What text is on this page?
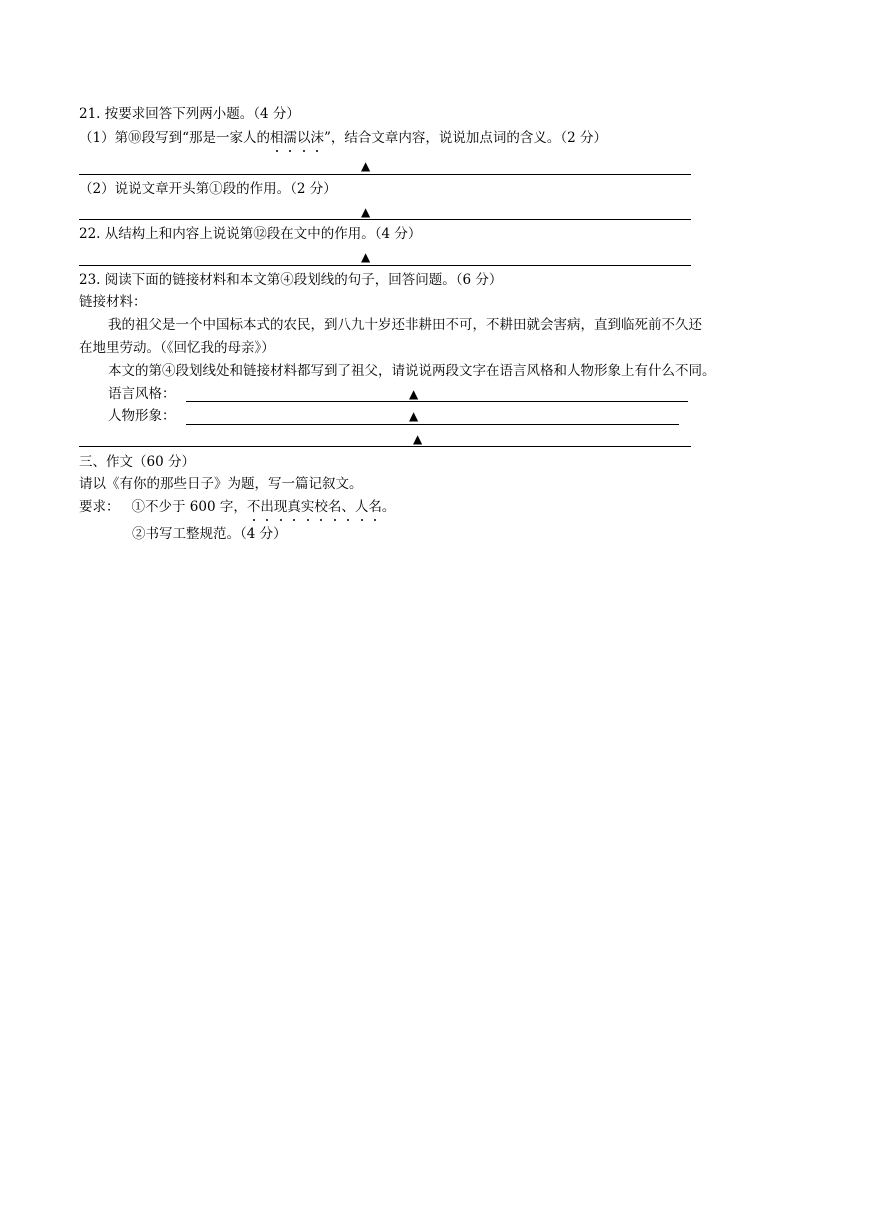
21. 按要求回答下列两小题。（4 分）
（1）第⑩段写到“那是一家人的相濡以沫”，结合文章内容，说说加点词的含义。（2 分）
▲
（2）说说文章开头第①段的作用。（2 分）
▲
22. 从结构上和内容上说说第⑫段在文中的作用。（4 分）
▲
23. 阅读下面的链接材料和本文第④段划线的句子，回答问题。（6 分）
链接材料：
我的祖父是一个中国标本式的农民，到八九十岁还非耕田不可，不耕田就会害病，直到临死前不久还
在地里劳动。（《回忆我的母亲》）
本文的第④段划线处和链接材料都写到了祖父，请说说两段文字在语言风格和人物形象上有什么不同。
语言风格：	▲
人物形象：	▲
▲
三、作文（60 分）
请以《有你的那些日子》为题，写一篇记叙文。
要求： ①不少于 600 字，不出现真实校名、人名。
②书写工整规范。（4 分）
